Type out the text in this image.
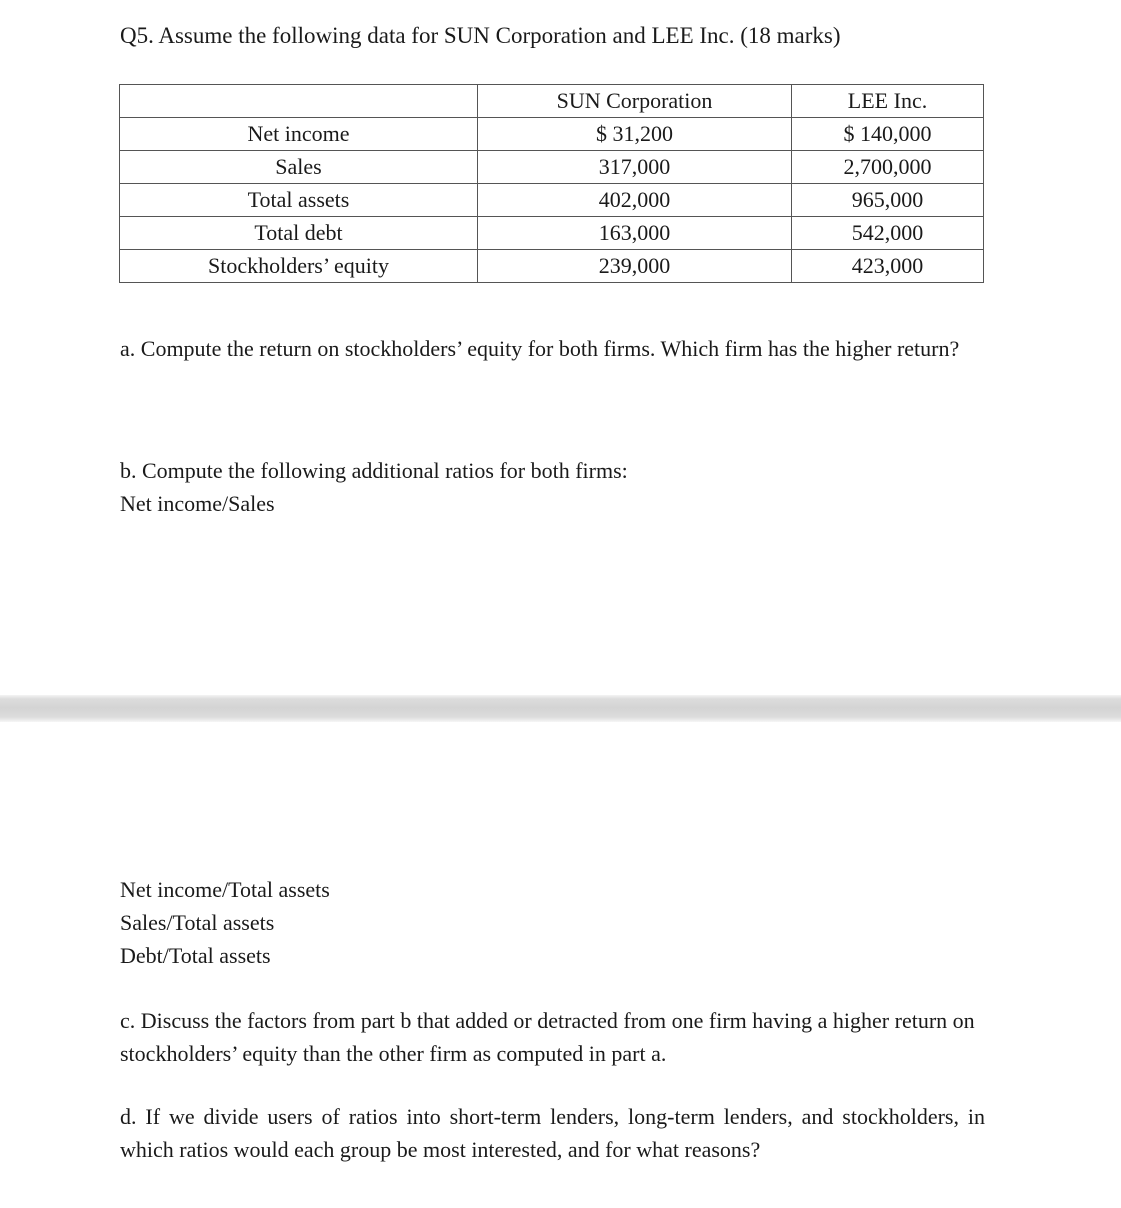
Q5. Assume the following data for SUN Corporation and LEE Inc. (18 marks)
	SUN Corporation	LEE Inc.
Net income	$ 31,200	$ 140,000
Sales	317,000	2,700,000
Total assets	402,000	965,000
Total debt	163,000	542,000
Stockholders’ equity	239,000	423,000
a. Compute the return on stockholders’ equity for both firms. Which firm has the higher return?
b. Compute the following additional ratios for both firms:
Net income/Sales
Net income/Total assets
Sales/Total assets
Debt/Total assets
c. Discuss the factors from part b that added or detracted from one firm having a higher return on stockholders’ equity than the other firm as computed in part a.
d. If we divide users of ratios into short-term lenders, long-term lenders, and stockholders, in which ratios would each group be most interested, and for what reasons?
